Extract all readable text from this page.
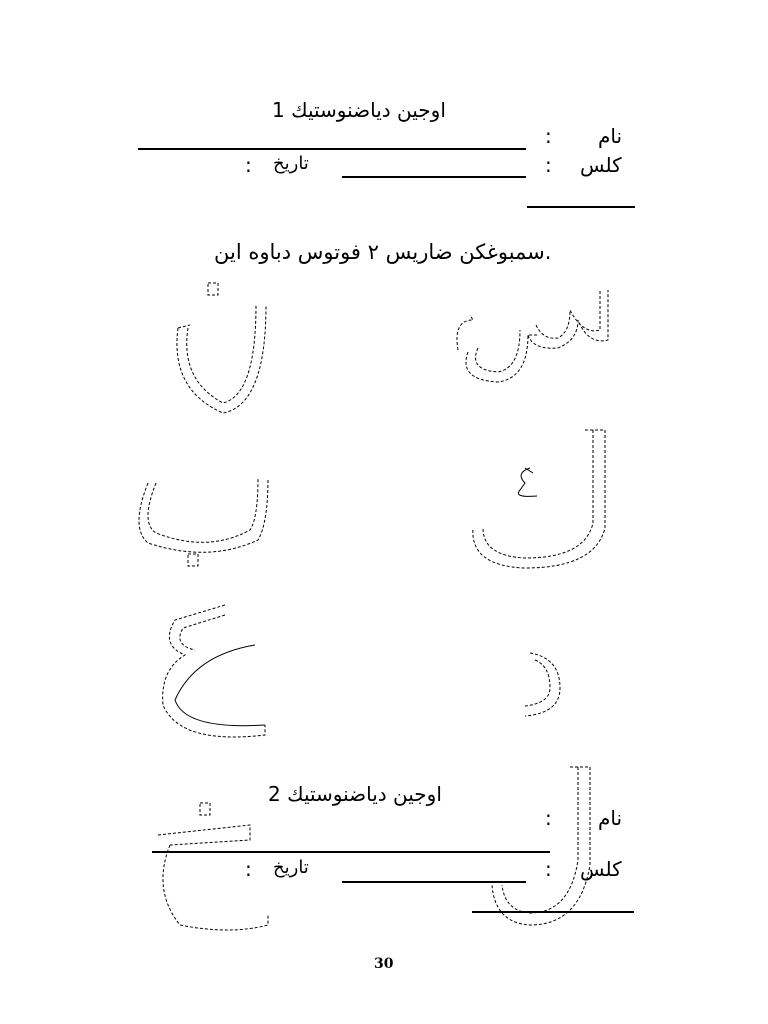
اوجين دياضنوستيك 1
نام
:
كلس
:
تاريخ
:
سمبوغكن ضاريس ٢ فوتوس دباوه اين.
اوجين دياضنوستيك 2
نام
:
كلس
:
تاريخ
:
30
